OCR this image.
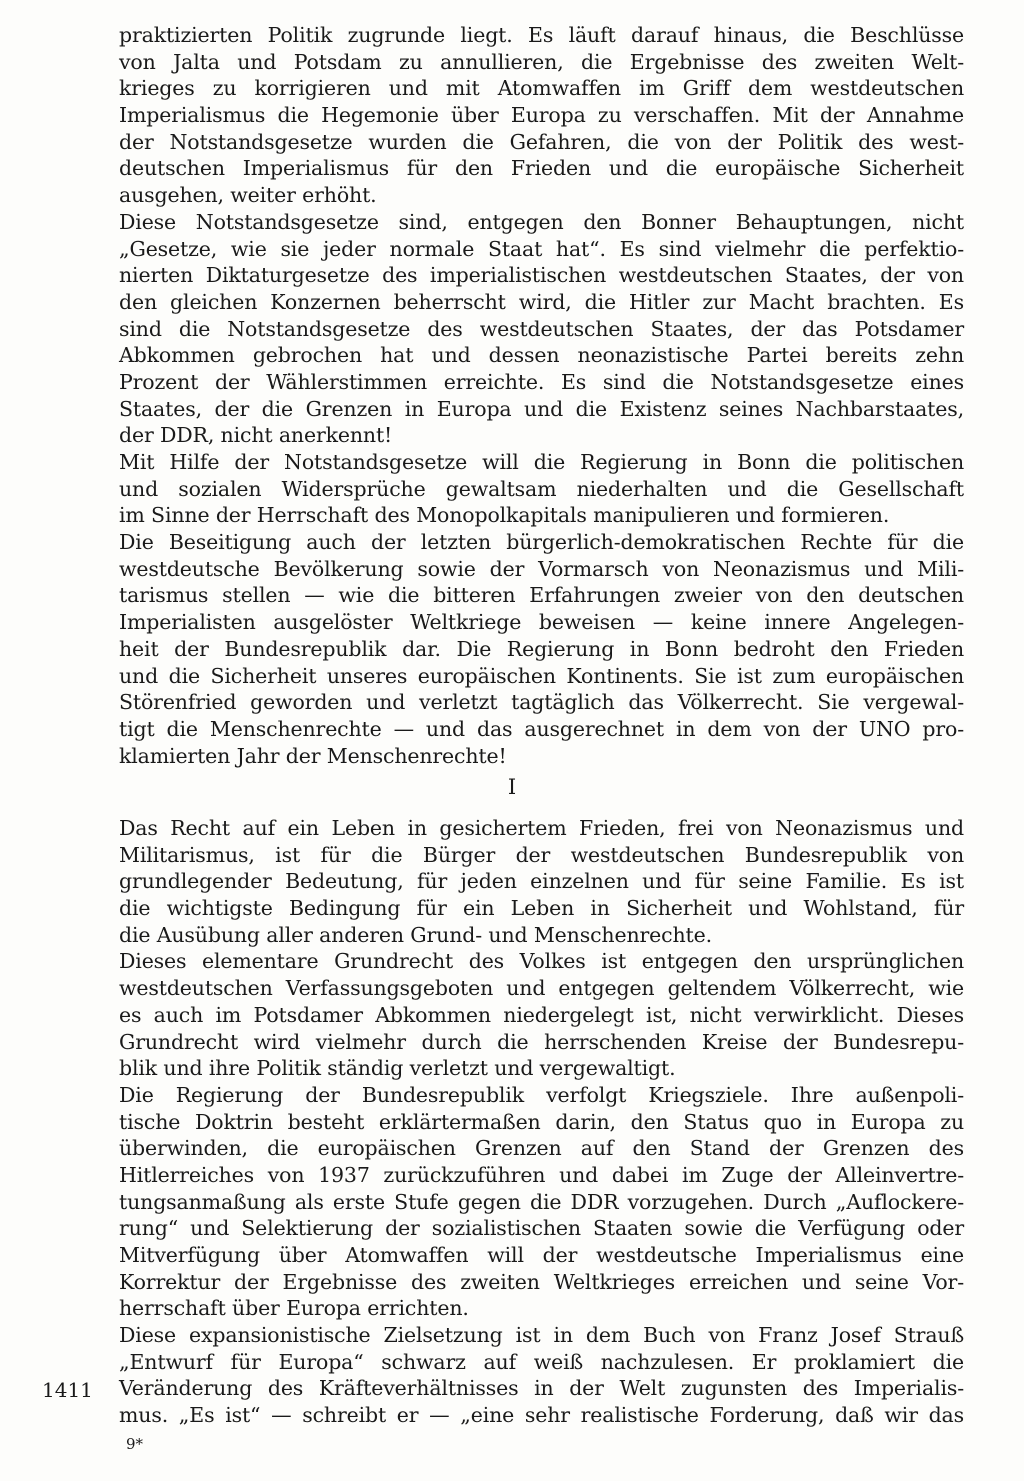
praktizierten Politik zugrunde liegt. Es läuft darauf hinaus, die Beschlüsse
von Jalta und Potsdam zu annullieren, die Ergebnisse des zweiten Welt-
krieges zu korrigieren und mit Atomwaffen im Griff dem westdeutschen
Imperialismus die Hegemonie über Europa zu verschaffen. Mit der Annahme
der Notstandsgesetze wurden die Gefahren, die von der Politik des west-
deutschen Imperialismus für den Frieden und die europäische Sicherheit
ausgehen, weiter erhöht.
Diese Notstandsgesetze sind, entgegen den Bonner Behauptungen, nicht
„Gesetze, wie sie jeder normale Staat hat“. Es sind vielmehr die perfektio-
nierten Diktaturgesetze des imperialistischen westdeutschen Staates, der von
den gleichen Konzernen beherrscht wird, die Hitler zur Macht brachten. Es
sind die Notstandsgesetze des westdeutschen Staates, der das Potsdamer
Abkommen gebrochen hat und dessen neonazistische Partei bereits zehn
Prozent der Wählerstimmen erreichte. Es sind die Notstandsgesetze eines
Staates, der die Grenzen in Europa und die Existenz seines Nachbarstaates,
der DDR, nicht anerkennt!
Mit Hilfe der Notstandsgesetze will die Regierung in Bonn die politischen
und sozialen Widersprüche gewaltsam niederhalten und die Gesellschaft
im Sinne der Herrschaft des Monopolkapitals manipulieren und formieren.
Die Beseitigung auch der letzten bürgerlich-demokratischen Rechte für die
westdeutsche Bevölkerung sowie der Vormarsch von Neonazismus und Mili-
tarismus stellen — wie die bitteren Erfahrungen zweier von den deutschen
Imperialisten ausgelöster Weltkriege beweisen — keine innere Angelegen-
heit der Bundesrepublik dar. Die Regierung in Bonn bedroht den Frieden
und die Sicherheit unseres europäischen Kontinents. Sie ist zum europäischen
Störenfried geworden und verletzt tagtäglich das Völkerrecht. Sie vergewal-
tigt die Menschenrechte — und das ausgerechnet in dem von der UNO pro-
klamierten Jahr der Menschenrechte!
I
Das Recht auf ein Leben in gesichertem Frieden, frei von Neonazismus und
Militarismus, ist für die Bürger der westdeutschen Bundesrepublik von
grundlegender Bedeutung, für jeden einzelnen und für seine Familie. Es ist
die wichtigste Bedingung für ein Leben in Sicherheit und Wohlstand, für
die Ausübung aller anderen Grund- und Menschenrechte.
Dieses elementare Grundrecht des Volkes ist entgegen den ursprünglichen
westdeutschen Verfassungsgeboten und entgegen geltendem Völkerrecht, wie
es auch im Potsdamer Abkommen niedergelegt ist, nicht verwirklicht. Dieses
Grundrecht wird vielmehr durch die herrschenden Kreise der Bundesrepu-
blik und ihre Politik ständig verletzt und vergewaltigt.
Die Regierung der Bundesrepublik verfolgt Kriegsziele. Ihre außenpoli-
tische Doktrin besteht erklärtermaßen darin, den Status quo in Europa zu
überwinden, die europäischen Grenzen auf den Stand der Grenzen des
Hitlerreiches von 1937 zurückzuführen und dabei im Zuge der Alleinvertre-
tungsanmaßung als erste Stufe gegen die DDR vorzugehen. Durch „Auflockere-
rung“ und Selektierung der sozialistischen Staaten sowie die Verfügung oder
Mitverfügung über Atomwaffen will der westdeutsche Imperialismus eine
Korrektur der Ergebnisse des zweiten Weltkrieges erreichen und seine Vor-
herrschaft über Europa errichten.
Diese expansionistische Zielsetzung ist in dem Buch von Franz Josef Strauß
„Entwurf für Europa“ schwarz auf weiß nachzulesen. Er proklamiert die
Veränderung des Kräfteverhältnisses in der Welt zugunsten des Imperialis-
mus. „Es ist“ — schreibt er — „eine sehr realistische Forderung, daß wir das
1411
9*
